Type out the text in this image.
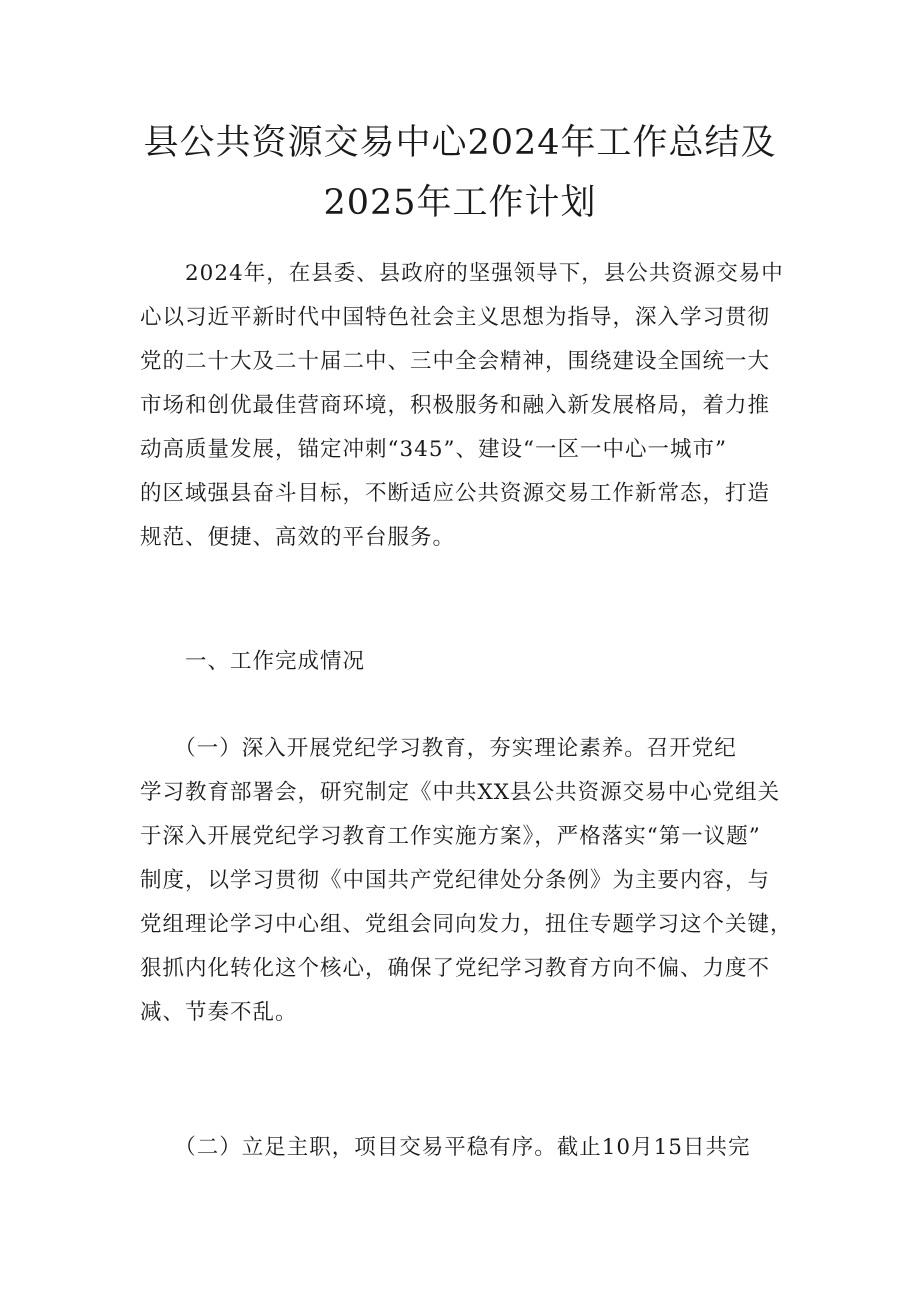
县公共资源交易中心2024年工作总结及
2025年工作计划
　　2024年，在县委、县政府的坚强领导下，县公共资源交易中
心以习近平新时代中国特色社会主义思想为指导，深入学习贯彻
党的二十大及二十届二中、三中全会精神，围绕建设全国统一大
市场和创优最佳营商环境，积极服务和融入新发展格局，着力推
动高质量发展，锚定冲刺“345”、建设“一区一中心一城市”
的区域强县奋斗目标，不断适应公共资源交易工作新常态，打造
规范、便捷、高效的平台服务。
　　一、工作完成情况
　　（一）深入开展党纪学习教育，夯实理论素养。召开党纪
学习教育部署会，研究制定《中共XX县公共资源交易中心党组关
于深入开展党纪学习教育工作实施方案》，严格落实“第一议题”
制度，以学习贯彻《中国共产党纪律处分条例》为主要内容，与
党组理论学习中心组、党组会同向发力，扭住专题学习这个关键，
狠抓内化转化这个核心，确保了党纪学习教育方向不偏、力度不
减、节奏不乱。
　　（二）立足主职，项目交易平稳有序。截止10月15日共完
